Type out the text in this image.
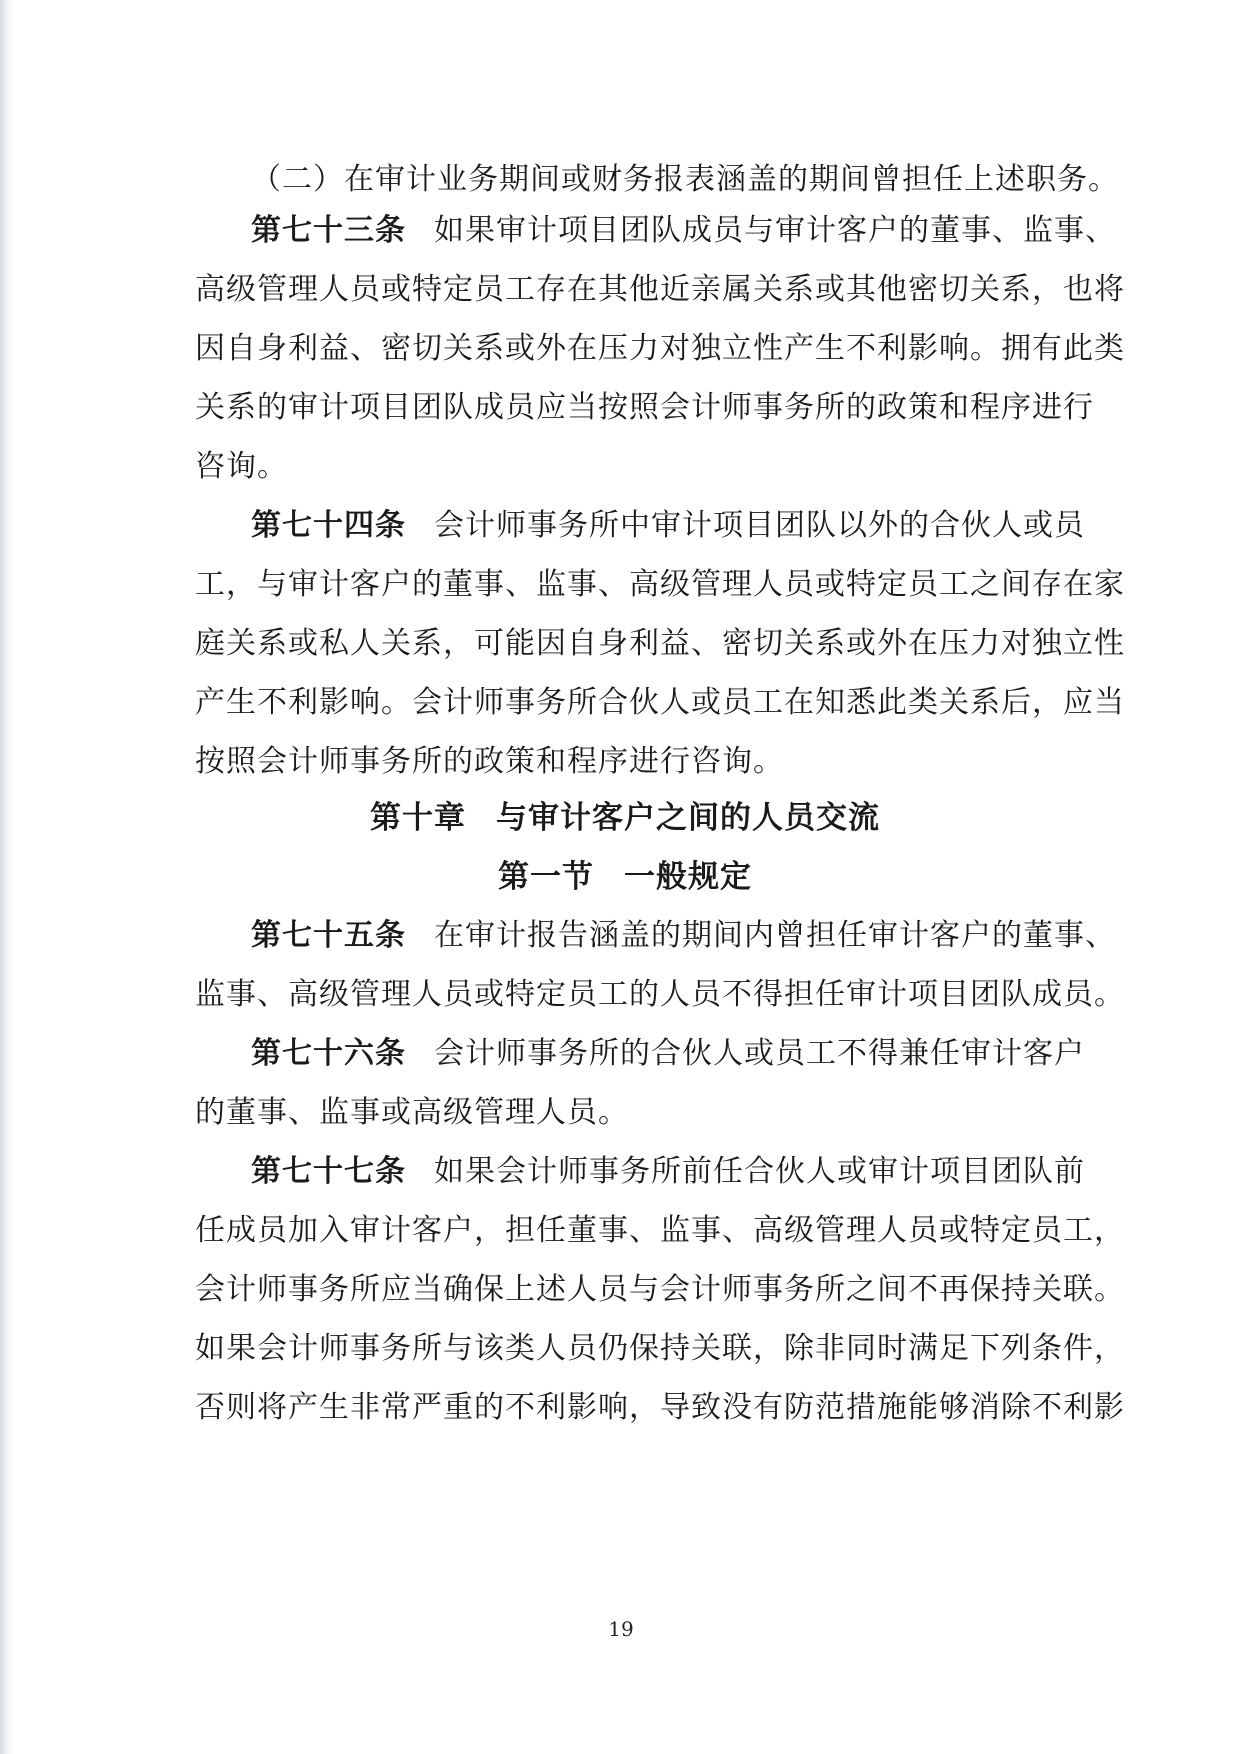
（二）在审计业务期间或财务报表涵盖的期间曾担任上述职务。
第七十三条 如果审计项目团队成员与审计客户的董事、监事、
高级管理人员或特定员工存在其他近亲属关系或其他密切关系，也将
因自身利益、密切关系或外在压力对独立性产生不利影响。拥有此类
关系的审计项目团队成员应当按照会计师事务所的政策和程序进行
咨询。
第七十四条 会计师事务所中审计项目团队以外的合伙人或员
工，与审计客户的董事、监事、高级管理人员或特定员工之间存在家
庭关系或私人关系，可能因自身利益、密切关系或外在压力对独立性
产生不利影响。会计师事务所合伙人或员工在知悉此类关系后，应当
按照会计师事务所的政策和程序进行咨询。
第十章 与审计客户之间的人员交流
第一节 一般规定
第七十五条 在审计报告涵盖的期间内曾担任审计客户的董事、
监事、高级管理人员或特定员工的人员不得担任审计项目团队成员。
第七十六条 会计师事务所的合伙人或员工不得兼任审计客户
的董事、监事或高级管理人员。
第七十七条 如果会计师事务所前任合伙人或审计项目团队前
任成员加入审计客户，担任董事、监事、高级管理人员或特定员工，
会计师事务所应当确保上述人员与会计师事务所之间不再保持关联。
如果会计师事务所与该类人员仍保持关联，除非同时满足下列条件，
否则将产生非常严重的不利影响，导致没有防范措施能够消除不利影
19
